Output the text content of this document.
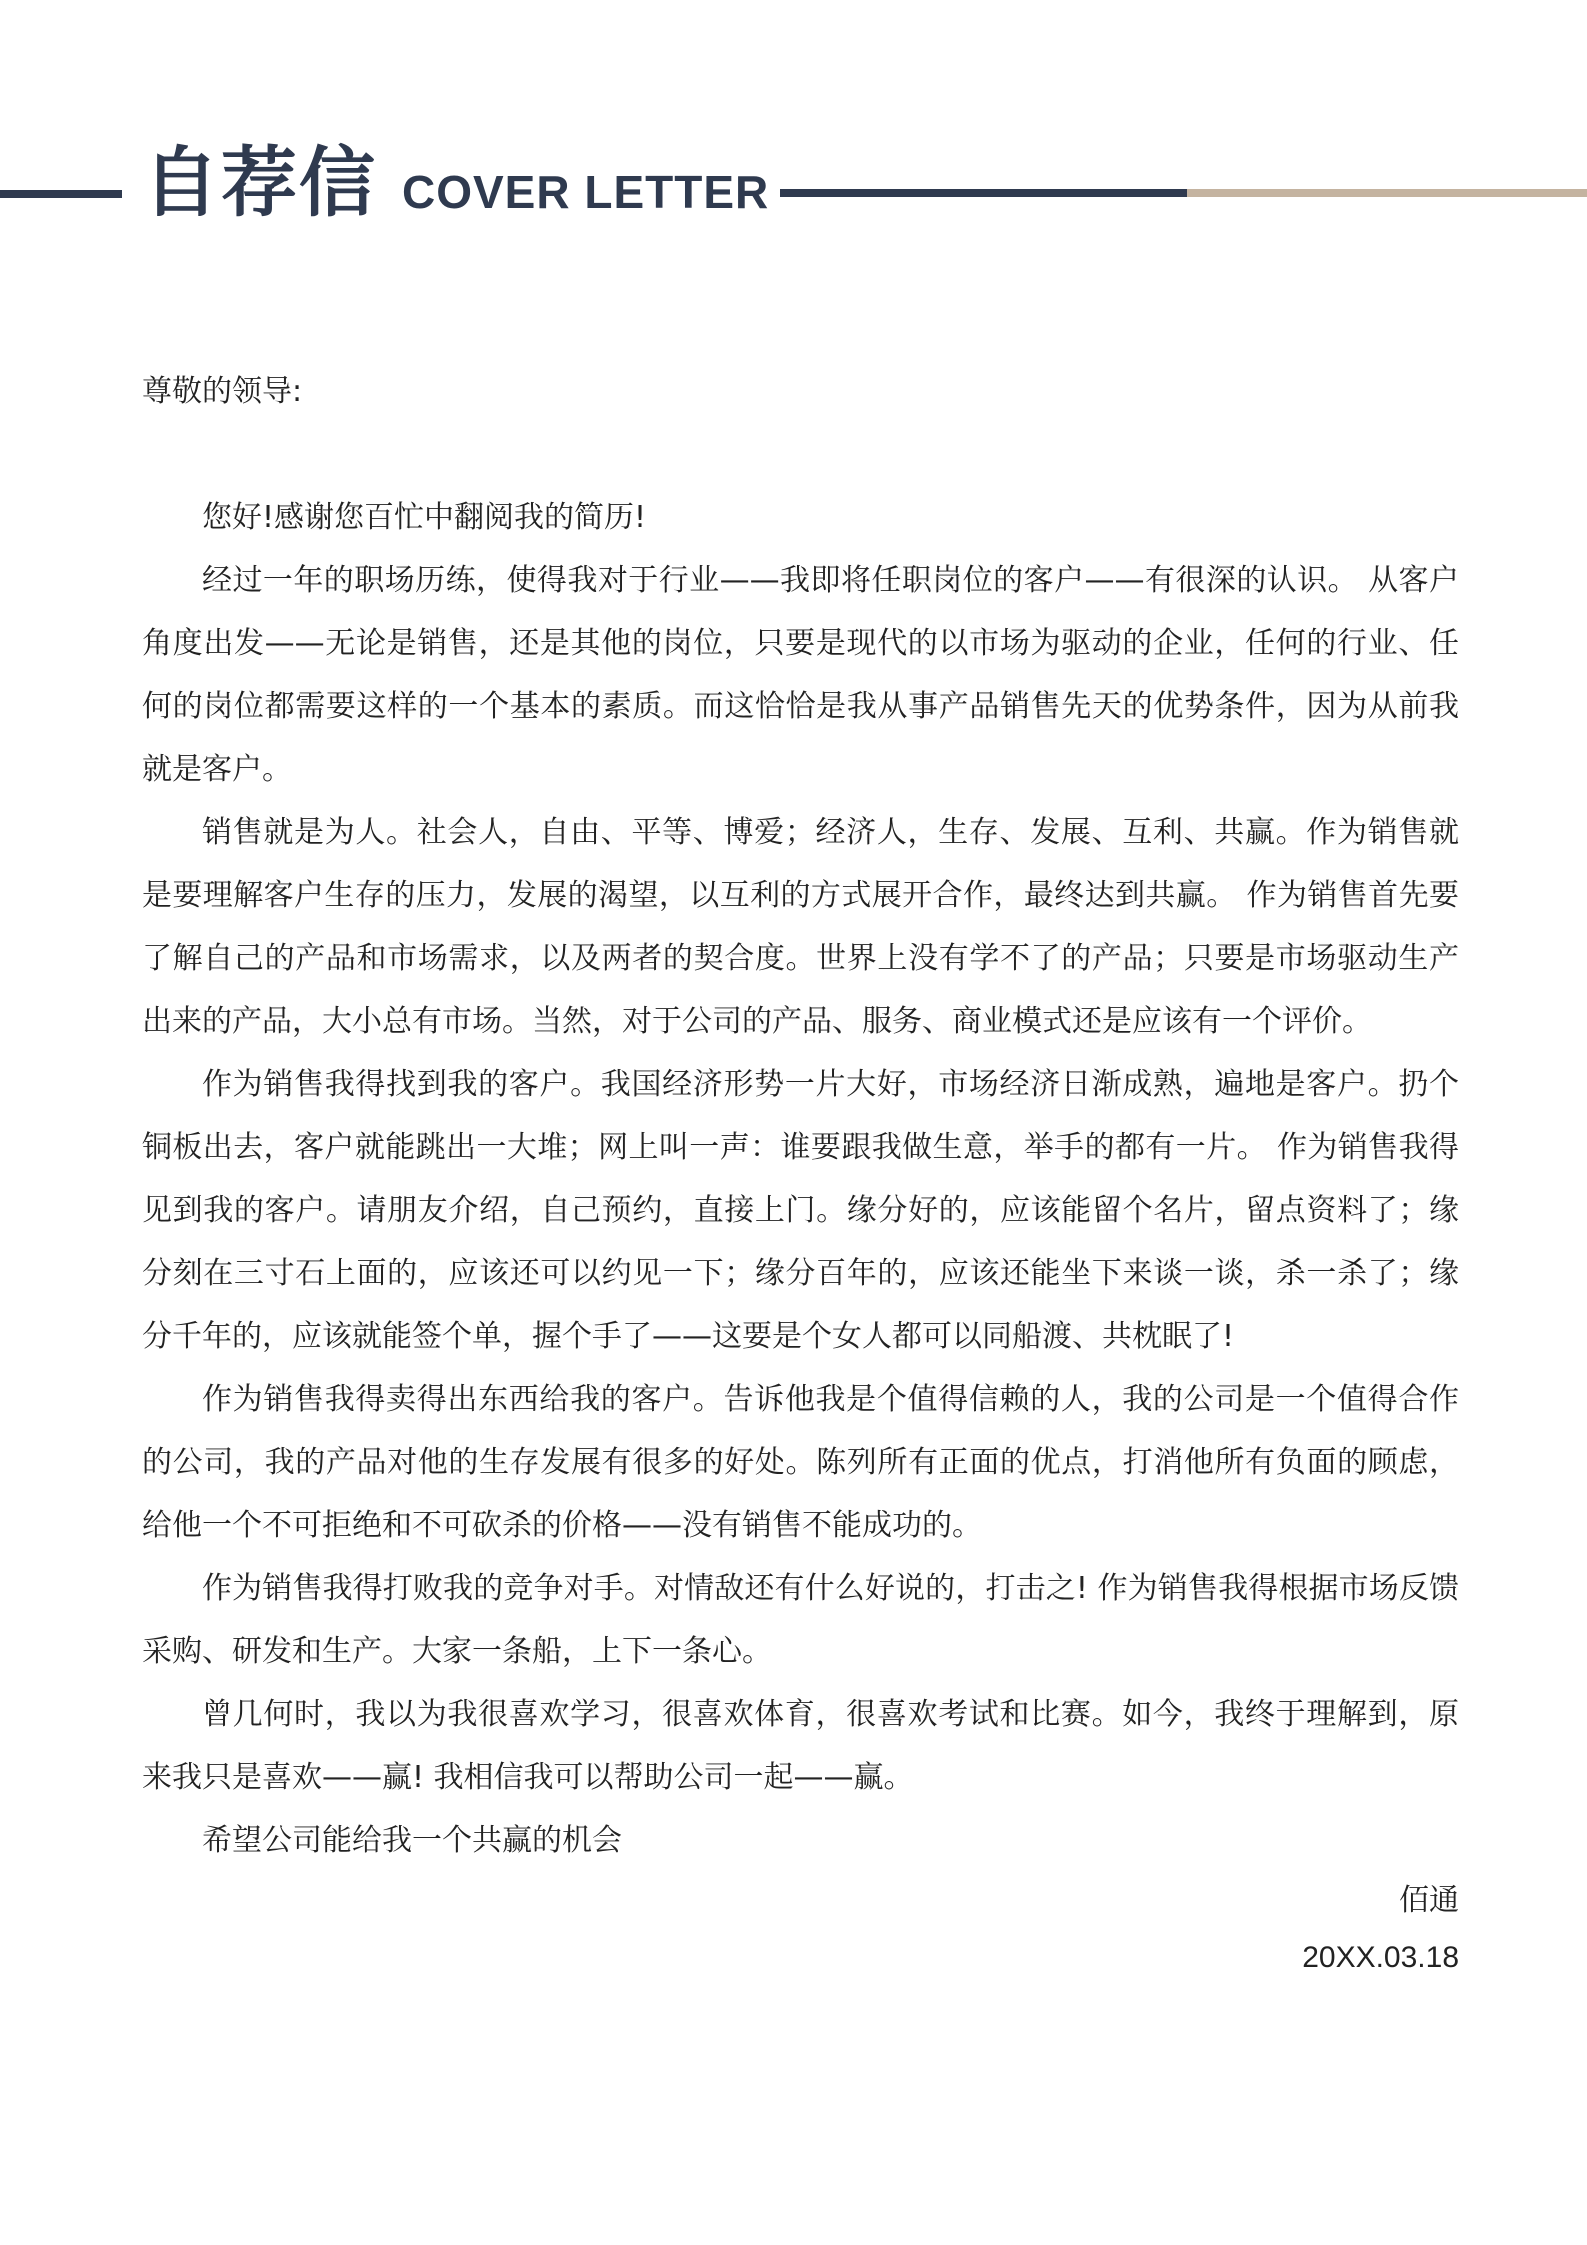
自荐信 COVER LETTER

尊敬的领导:

您好!感谢您百忙中翻阅我的简历!

经过一年的职场历练，使得我对于行业——我即将任职岗位的客户——有很深的认识。 从客户角度出发——无论是销售，还是其他的岗位，只要是现代的以市场为驱动的企业，任何的行业、任何的岗位都需要这样的一个基本的素质。而这恰恰是我从事产品销售先天的优势条件，因为从前我就是客户。

销售就是为人。社会人，自由、平等、博爱；经济人，生存、发展、互利、共赢。作为销售就是要理解客户生存的压力，发展的渴望，以互利的方式展开合作，最终达到共赢。 作为销售首先要了解自己的产品和市场需求，以及两者的契合度。世界上没有学不了的产品；只要是市场驱动生产出来的产品，大小总有市场。当然，对于公司的产品、服务、商业模式还是应该有一个评价。

作为销售我得找到我的客户。我国经济形势一片大好，市场经济日渐成熟，遍地是客户。扔个铜板出去，客户就能跳出一大堆；网上叫一声：谁要跟我做生意，举手的都有一片。 作为销售我得见到我的客户。请朋友介绍，自己预约，直接上门。缘分好的，应该能留个名片，留点资料了；缘分刻在三寸石上面的，应该还可以约见一下；缘分百年的，应该还能坐下来谈一谈，杀一杀了；缘分千年的，应该就能签个单，握个手了——这要是个女人都可以同船渡、共枕眠了!

作为销售我得卖得出东西给我的客户。告诉他我是个值得信赖的人，我的公司是一个值得合作的公司，我的产品对他的生存发展有很多的好处。陈列所有正面的优点，打消他所有负面的顾虑，给他一个不可拒绝和不可砍杀的价格——没有销售不能成功的。

作为销售我得打败我的竞争对手。对情敌还有什么好说的，打击之! 作为销售我得根据市场反馈采购、研发和生产。大家一条船，上下一条心。

曾几何时，我以为我很喜欢学习，很喜欢体育，很喜欢考试和比赛。如今，我终于理解到，原来我只是喜欢——赢! 我相信我可以帮助公司一起——赢。

希望公司能给我一个共赢的机会

佰通

20XX.03.18
